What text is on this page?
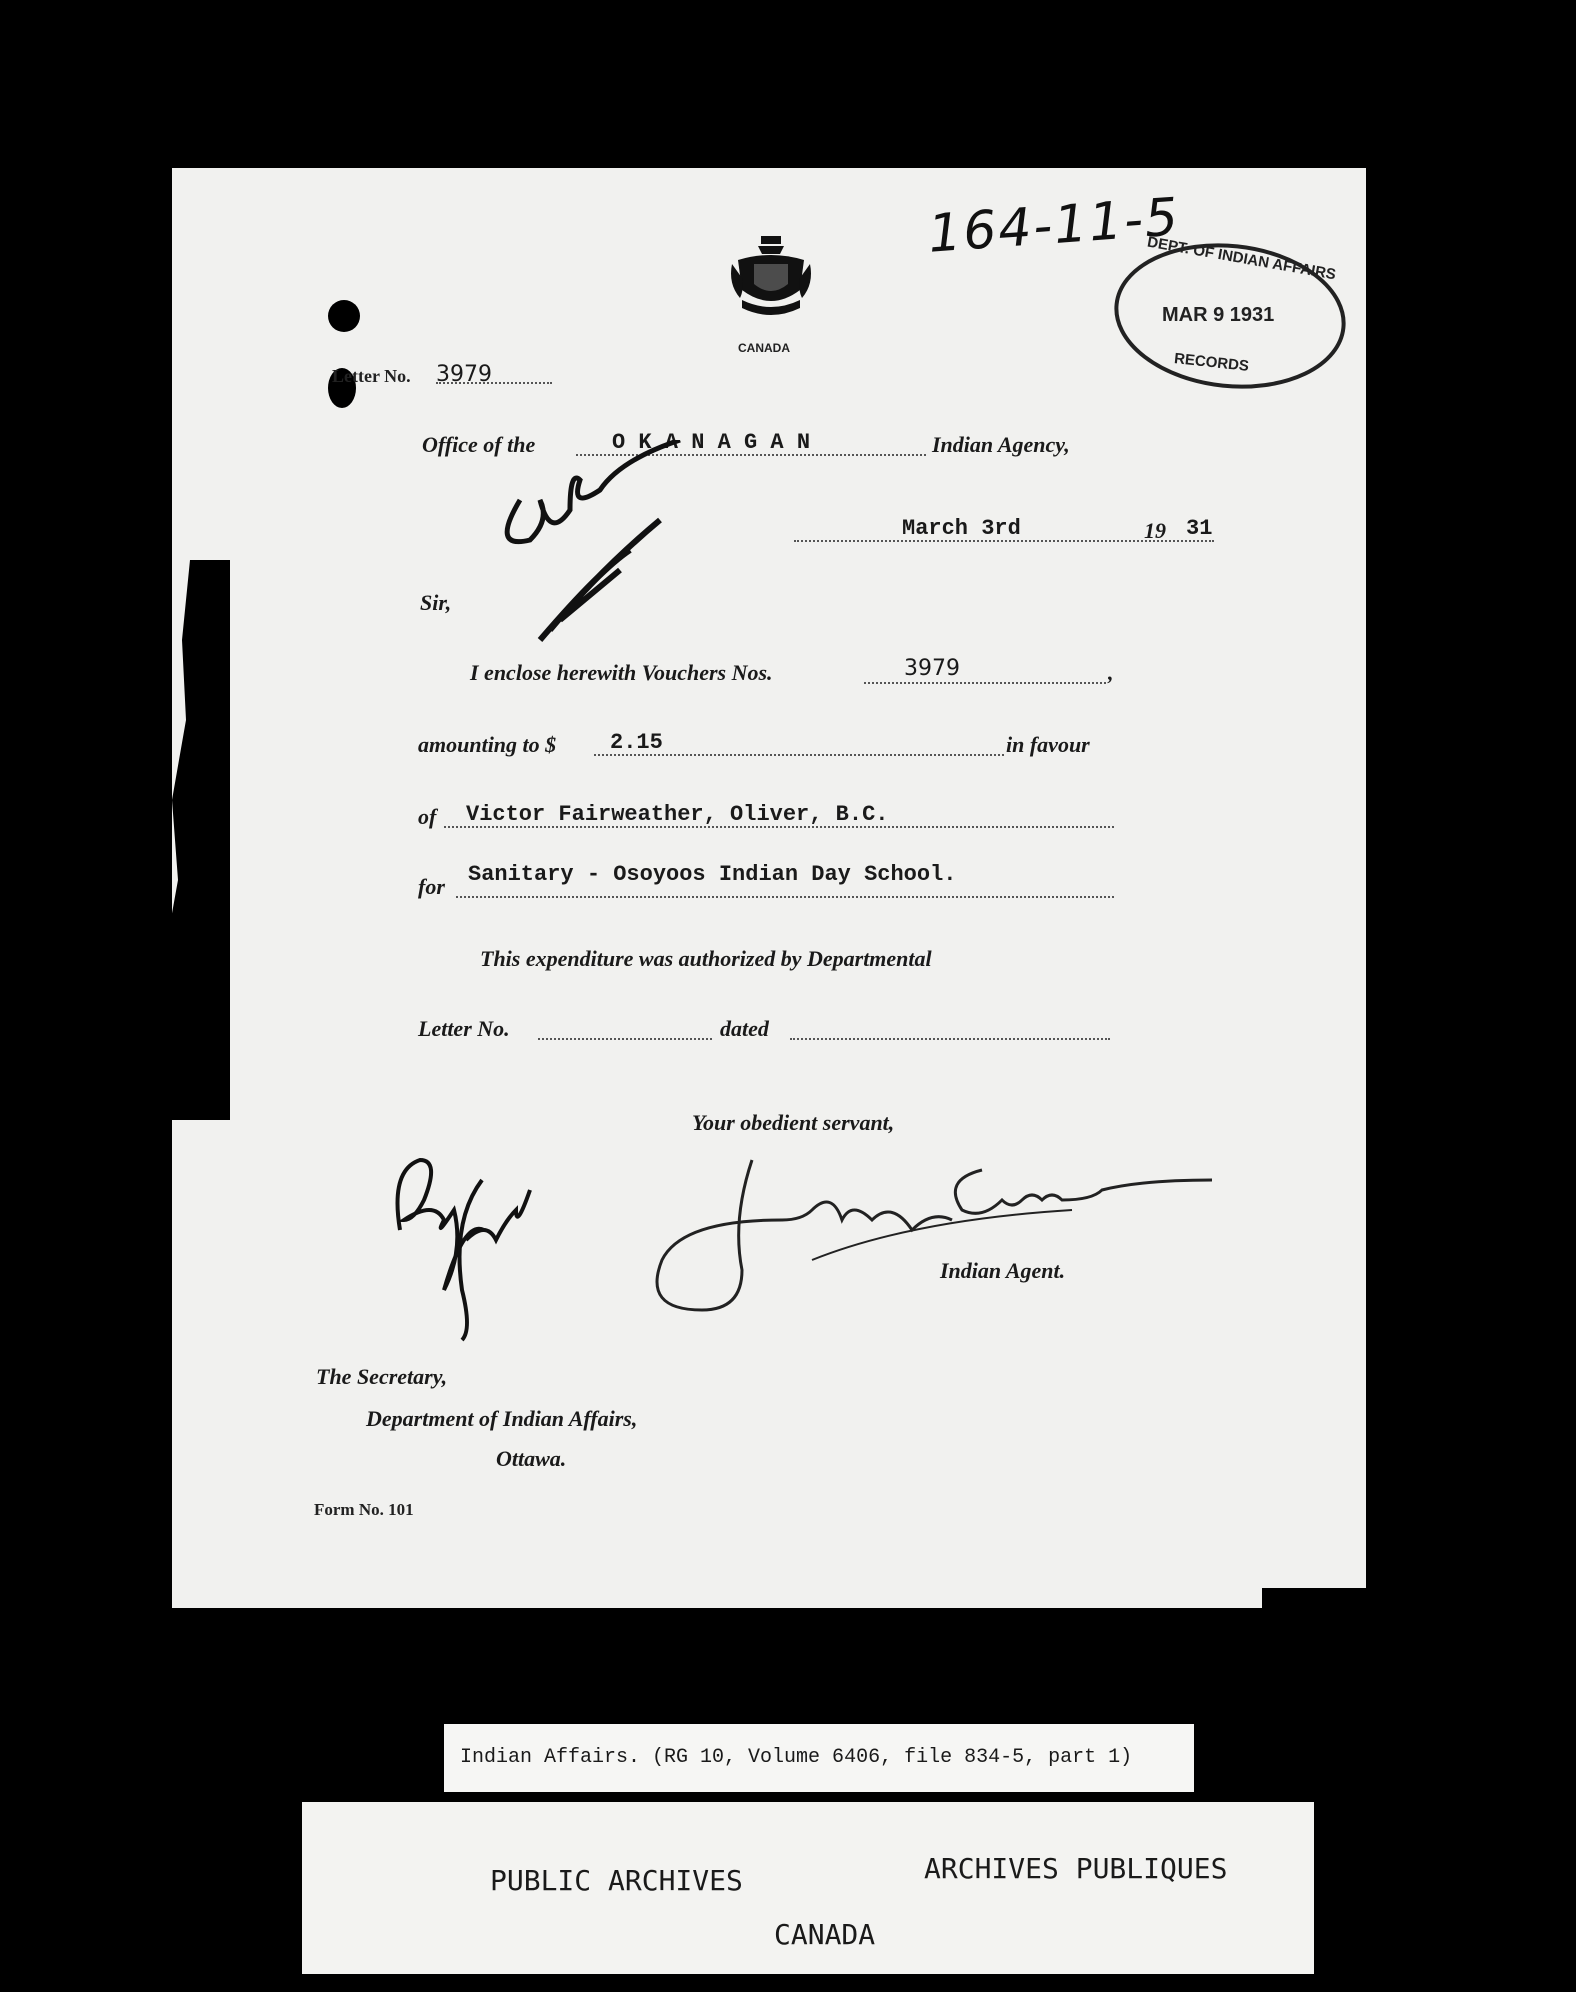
CANADA
164-11-5
DEPT. OF INDIAN AFFAIRS
MAR 9 1931
RECORDS
Letter No. 3979
Office of the	O K A N A G A N	Indian Agency,
March 3rd	19 31
Sir,
I enclose herewith Vouchers Nos.	3979	,
amounting to $ 2.15	in favour
of Victor Fairweather, Oliver, B.C.
for Sanitary - Osoyoos Indian Day School.
This expenditure was authorized by Departmental
Letter No.	dated
Your obedient servant,
Indian Agent.
The Secretary,
Department of Indian Affairs,
Ottawa.
Form No. 101
Indian Affairs. (RG 10, Volume 6406, file 834-5, part 1)
PUBLIC ARCHIVES	ARCHIVES PUBLIQUES
CANADA
